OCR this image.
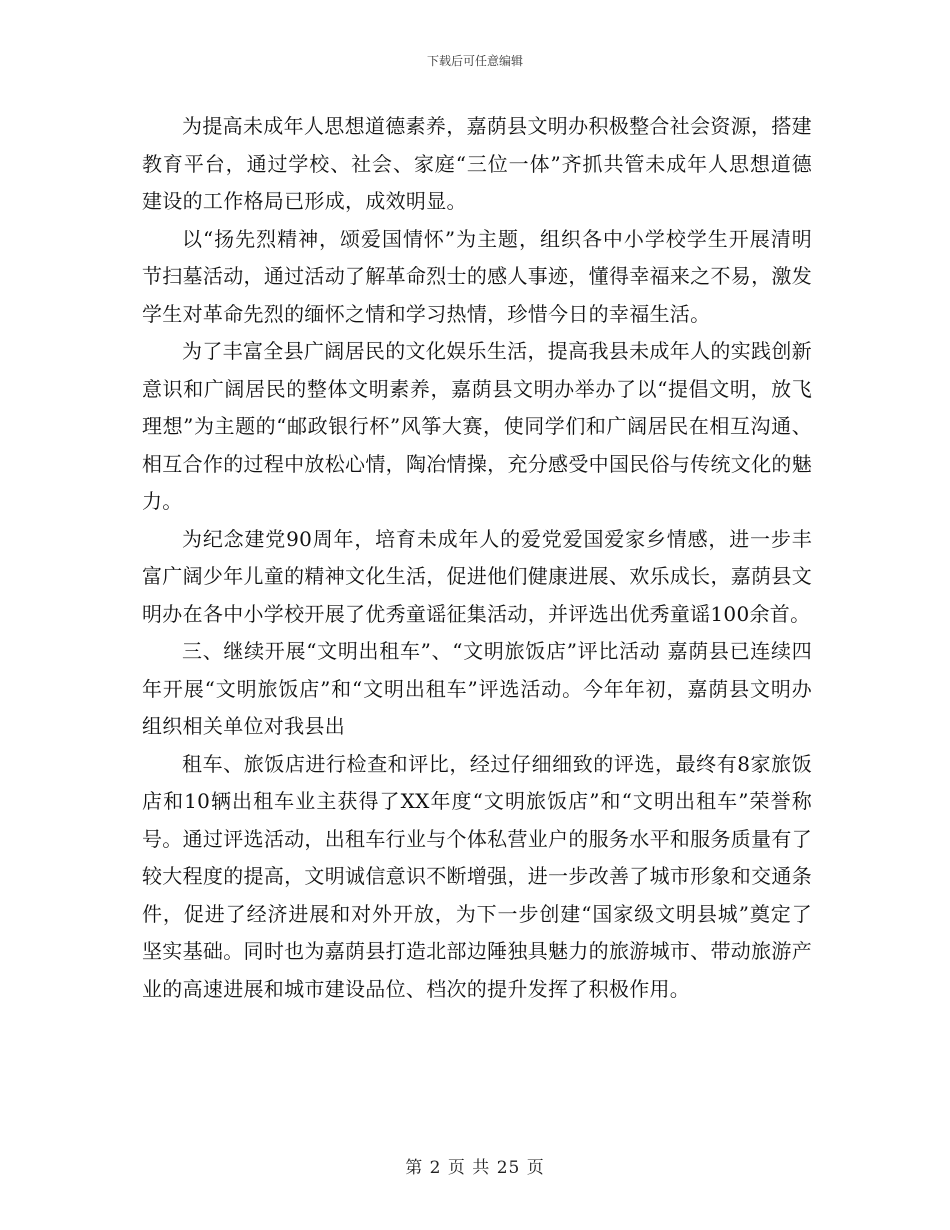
下载后可任意编辑

为提高未成年人思想道德素养，嘉荫县文明办积极整合社会资源，搭建教育平台，通过学校、社会、家庭“三位一体”齐抓共管未成年人思想道德建设的工作格局已形成，成效明显。

以“扬先烈精神，颂爱国情怀”为主题，组织各中小学校学生开展清明节扫墓活动，通过活动了解革命烈士的感人事迹，懂得幸福来之不易，激发学生对革命先烈的缅怀之情和学习热情，珍惜今日的幸福生活。

为了丰富全县广阔居民的文化娱乐生活，提高我县未成年人的实践创新意识和广阔居民的整体文明素养，嘉荫县文明办举办了以“提倡文明，放飞理想”为主题的“邮政银行杯”风筝大赛，使同学们和广阔居民在相互沟通、相互合作的过程中放松心情，陶冶情操，充分感受中国民俗与传统文化的魅力。

为纪念建党90周年，培育未成年人的爱党爱国爱家乡情感，进一步丰富广阔少年儿童的精神文化生活，促进他们健康进展、欢乐成长，嘉荫县文明办在各中小学校开展了优秀童谣征集活动，并评选出优秀童谣100余首。

三、继续开展“文明出租车”、“文明旅饭店”评比活动 嘉荫县已连续四年开展“文明旅饭店”和“文明出租车”评选活动。今年年初，嘉荫县文明办组织相关单位对我县出

租车、旅饭店进行检查和评比，经过仔细细致的评选，最终有8家旅饭店和10辆出租车业主获得了XX年度“文明旅饭店”和“文明出租车”荣誉称号。通过评选活动，出租车行业与个体私营业户的服务水平和服务质量有了较大程度的提高，文明诚信意识不断增强，进一步改善了城市形象和交通条件，促进了经济进展和对外开放，为下一步创建“国家级文明县城”奠定了坚实基础。同时也为嘉荫县打造北部边陲独具魅力的旅游城市、带动旅游产业的高速进展和城市建设品位、档次的提升发挥了积极作用。

第 2 页 共 25 页
